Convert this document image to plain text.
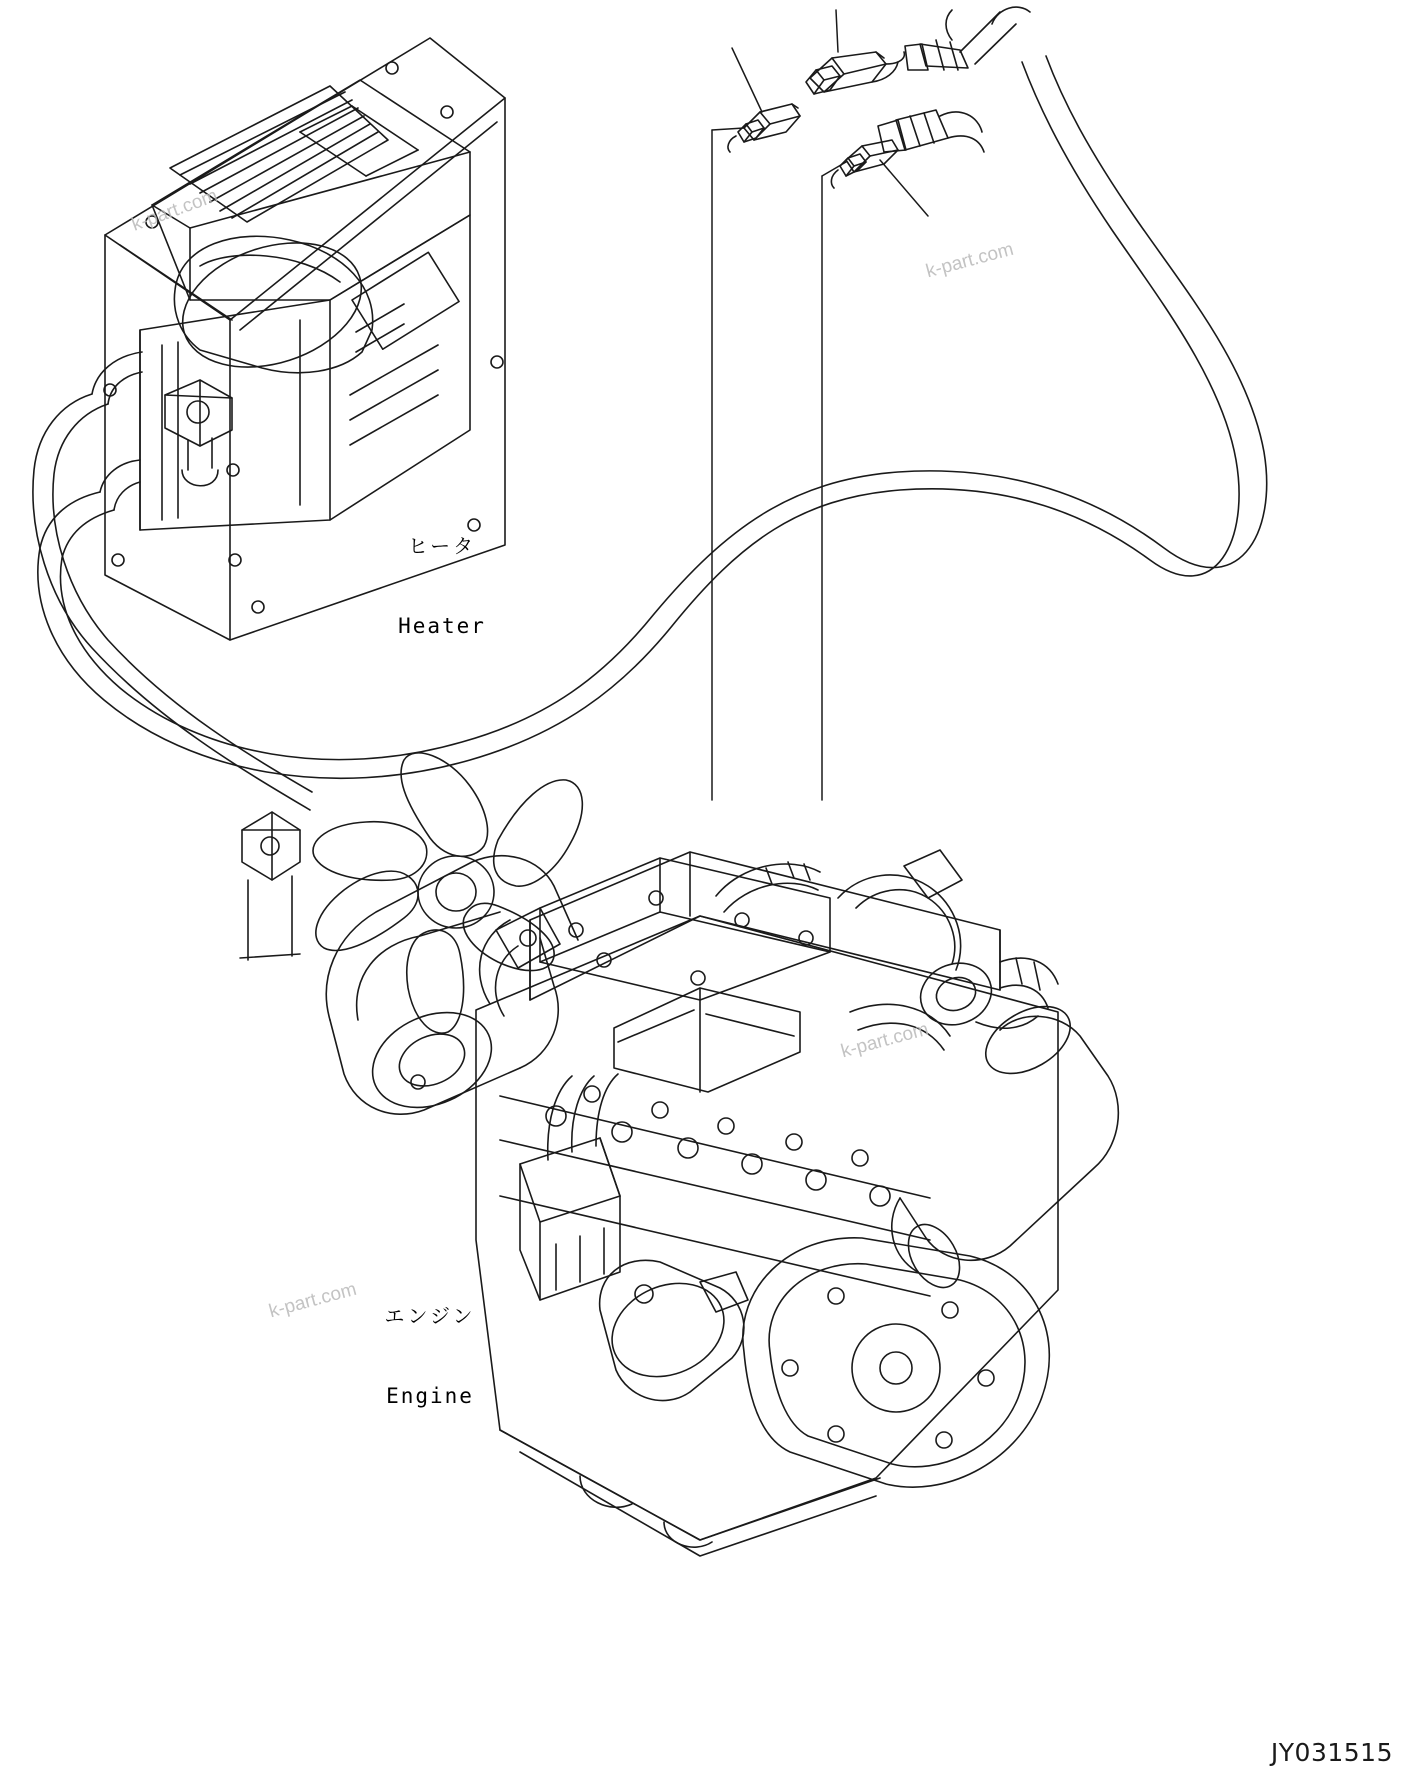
ヒータ

Heater

エンジン

Engine

k-part.com
k-part.com
k-part.com
k-part.com
JY031515
